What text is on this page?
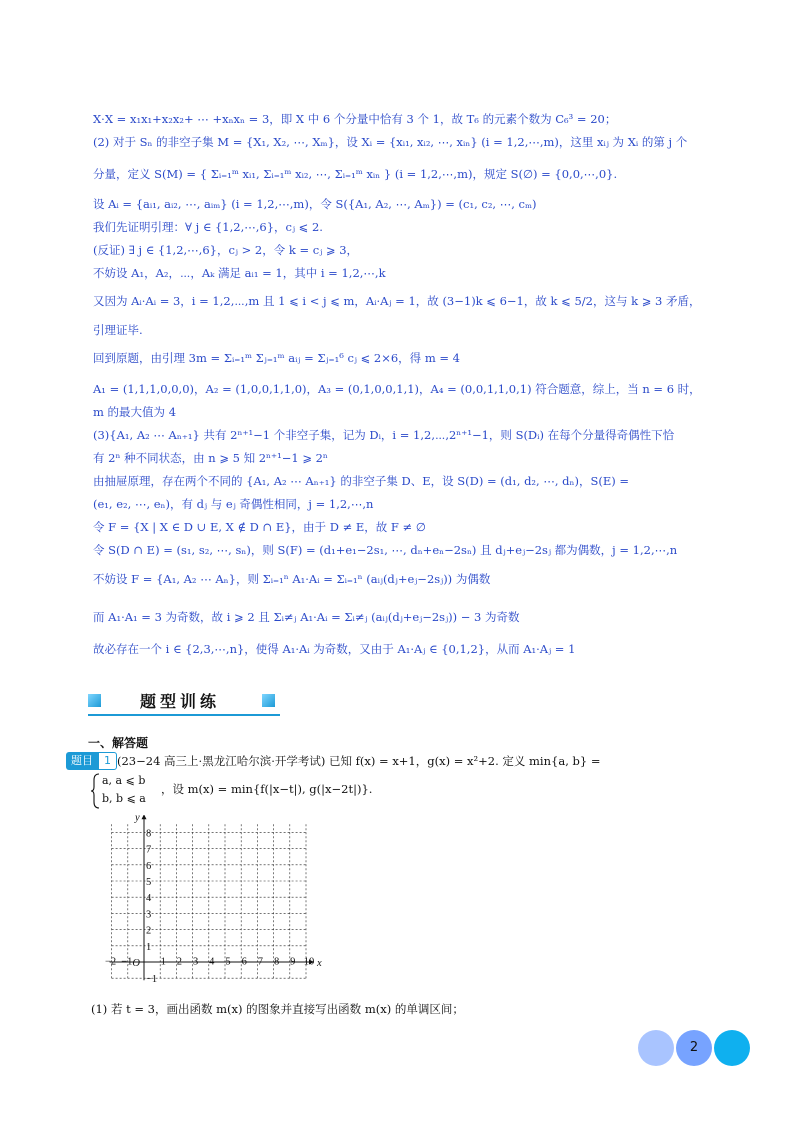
X·X = x₁x₁+x₂x₂+ ⋯ +xₙxₙ = 3，即 X 中 6 个分量中恰有 3 个 1，故 T₆ 的元素个数为 C₆³ = 20；
(2) 对于 Sₙ 的非空子集 M = {X₁, X₂, ⋯, Xₘ}，设 Xᵢ = {xᵢ₁, xᵢ₂, ⋯, xᵢₙ} (i = 1,2,⋯,m)，这里 xᵢⱼ 为 Xᵢ 的第 j 个
分量，定义 S(M) = { Σᵢ₌₁ᵐ xᵢ₁, Σᵢ₌₁ᵐ xᵢ₂, ⋯, Σᵢ₌₁ᵐ xᵢₙ } (i = 1,2,⋯,m)，规定 S(∅) = {0,0,⋯,0}.
设 Aᵢ = {aᵢ₁, aᵢ₂, ⋯, aᵢₘ} (i = 1,2,⋯,m)，令 S({A₁, A₂, ⋯, Aₘ}) = (c₁, c₂, ⋯, cₘ)
我们先证明引理：∀ j ∈ {1,2,⋯,6}，cⱼ ⩽ 2.
(反证) ∃ j ∈ {1,2,⋯,6}，cⱼ > 2，令 k = cⱼ ⩾ 3，
不妨设 A₁，A₂，⋯，Aₖ 满足 aᵢ₁ = 1，其中 i = 1,2,⋯,k
又因为 Aᵢ·Aᵢ = 3，i = 1,2,⋯,m 且 1 ⩽ i < j ⩽ m，Aᵢ·Aⱼ = 1，故 (3−1)k ⩽ 6−1，故 k ⩽ 5/2，这与 k ⩾ 3 矛盾，
引理证毕.
回到原题，由引理 3m = Σᵢ₌₁ᵐ Σⱼ₌₁ᵐ aᵢⱼ = Σⱼ₌₁⁶ cⱼ ⩽ 2×6，得 m = 4
A₁ = (1,1,1,0,0,0)，A₂ = (1,0,0,1,1,0)，A₃ = (0,1,0,0,1,1)，A₄ = (0,0,1,1,0,1) 符合题意，综上，当 n = 6 时，
m 的最大值为 4
(3){A₁, A₂ ⋯ Aₙ₊₁} 共有 2ⁿ⁺¹−1 个非空子集，记为 Dᵢ，i = 1,2,⋯,2ⁿ⁺¹−1，则 S(Dᵢ) 在每个分量得奇偶性下恰
有 2ⁿ 种不同状态，由 n ⩾ 5 知 2ⁿ⁺¹−1 ⩾ 2ⁿ
由抽屉原理，存在两个不同的 {A₁, A₂ ⋯ Aₙ₊₁} 的非空子集 D、E，设 S(D) = (d₁, d₂, ⋯, dₙ)，S(E) =
(e₁, e₂, ⋯, eₙ)，有 dⱼ 与 eⱼ 奇偶性相同，j = 1,2,⋯,n
令 F = {X | X ∈ D ∪ E, X ∉ D ∩ E}，由于 D ≠ E，故 F ≠ ∅
令 S(D ∩ E) = (s₁, s₂, ⋯, sₙ)，则 S(F) = (d₁+e₁−2s₁, ⋯, dₙ+eₙ−2sₙ) 且 dⱼ+eⱼ−2sⱼ 都为偶数，j = 1,2,⋯,n
不妨设 F = {A₁, A₂ ⋯ Aₙ}，则 Σᵢ₌₁ⁿ A₁·Aᵢ = Σᵢ₌₁ⁿ (aᵢⱼ(dⱼ+eⱼ−2sⱼ)) 为偶数
而 A₁·A₁ = 3 为奇数，故 i ⩾ 2 且 Σᵢ≠ⱼ A₁·Aᵢ = Σᵢ≠ⱼ (aᵢⱼ(dⱼ+eⱼ−2sⱼ)) − 3 为奇数
故必存在一个 i ∈ {2,3,⋯,n}，使得 A₁·Aᵢ 为奇数，又由于 A₁·Aⱼ ∈ {0,1,2}，从而 A₁·Aⱼ = 1
题型训练
一、解答题
题目	1 (23−24 高三上·黑龙江哈尔滨·开学考试) 已知 f(x) = x+1，g(x) = x²+2. 定义 min{a, b} =
a, a ⩽ b
b, b ⩽ a
，设 m(x) = min{f(|x−t|), g(|x−2t|)}.
−2 −1	1 2 3 4 5 6 7 8 9 10
1
2
3
4
5
6
7
8
−1
O	x
y
(1) 若 t = 3，画出函数 m(x) 的图象并直接写出函数 m(x) 的单调区间；
2
